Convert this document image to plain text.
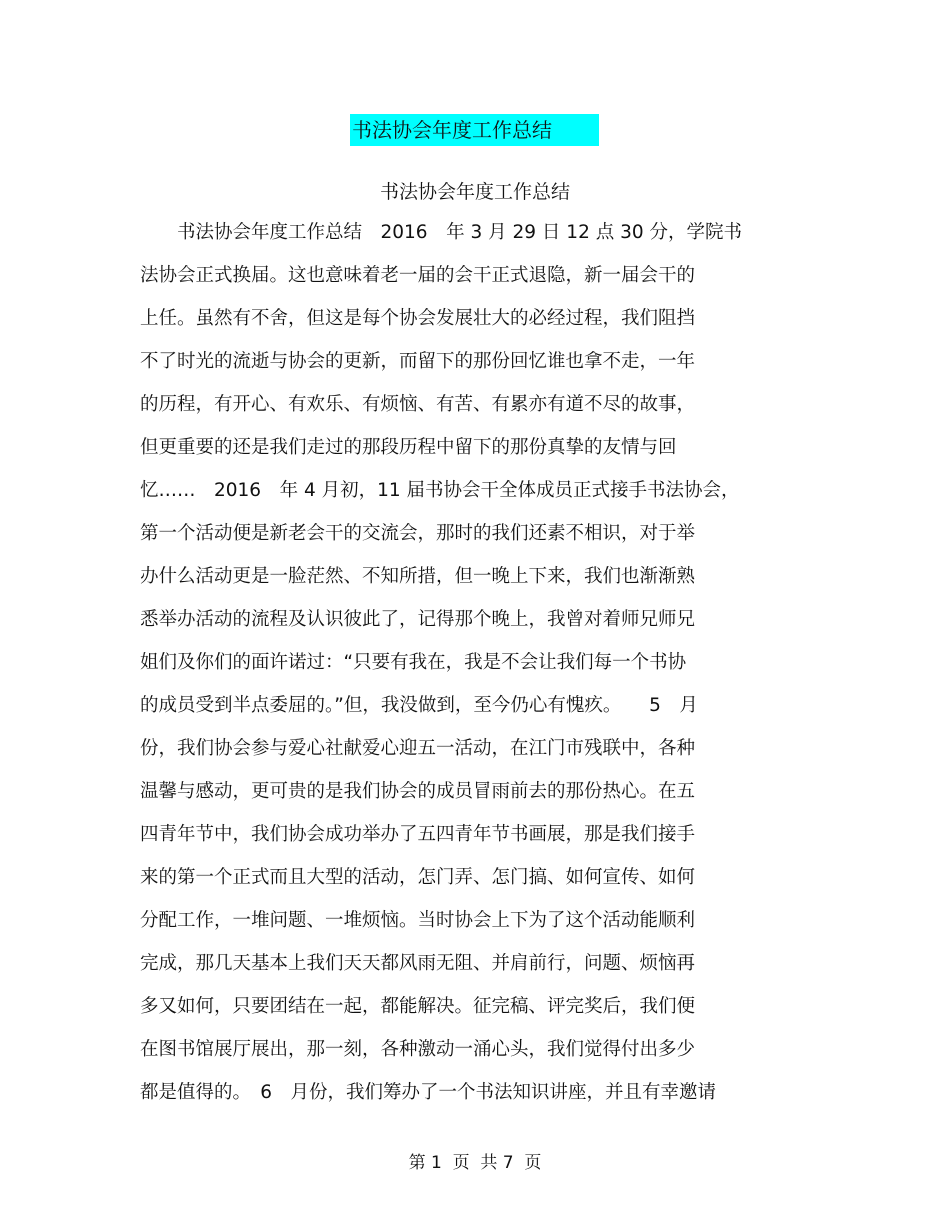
书法协会年度工作总结
书法协会年度工作总结
　　书法协会年度工作总结　2016　年 3 月 29 日 12 点 30 分，学院书
法协会正式换届。这也意味着老一届的会干正式退隐，新一届会干的
上任。虽然有不舍，但这是每个协会发展壮大的必经过程，我们阻挡
不了时光的流逝与协会的更新，而留下的那份回忆谁也拿不走，一年
的历程，有开心、有欢乐、有烦恼、有苦、有累亦有道不尽的故事，
但更重要的还是我们走过的那段历程中留下的那份真挚的友情与回
忆……　2016　年 4 月初，11 届书协会干全体成员正式接手书法协会，
第一个活动便是新老会干的交流会，那时的我们还素不相识，对于举
办什么活动更是一脸茫然、不知所措，但一晚上下来，我们也渐渐熟
悉举办活动的流程及认识彼此了，记得那个晚上，我曾对着师兄师兄
姐们及你们的面许诺过：“只要有我在，我是不会让我们每一个书协
的成员受到半点委屈的。”但，我没做到，至今仍心有愧疚。　　5　月
份，我们协会参与爱心社献爱心迎五一活动，在江门市残联中，各种
温馨与感动，更可贵的是我们协会的成员冒雨前去的那份热心。在五
四青年节中，我们协会成功举办了五四青年节书画展，那是我们接手
来的第一个正式而且大型的活动，怎门弄、怎门搞、如何宣传、如何
分配工作，一堆问题、一堆烦恼。当时协会上下为了这个活动能顺利
完成，那几天基本上我们天天都风雨无阻、并肩前行，问题、烦恼再
多又如何，只要团结在一起，都能解决。征完稿、评完奖后，我们便
在图书馆展厅展出，那一刻，各种激动一涌心头，我们觉得付出多少
都是值得的。　6　月份，我们筹办了一个书法知识讲座，并且有幸邀请
第 1  页  共 7  页
